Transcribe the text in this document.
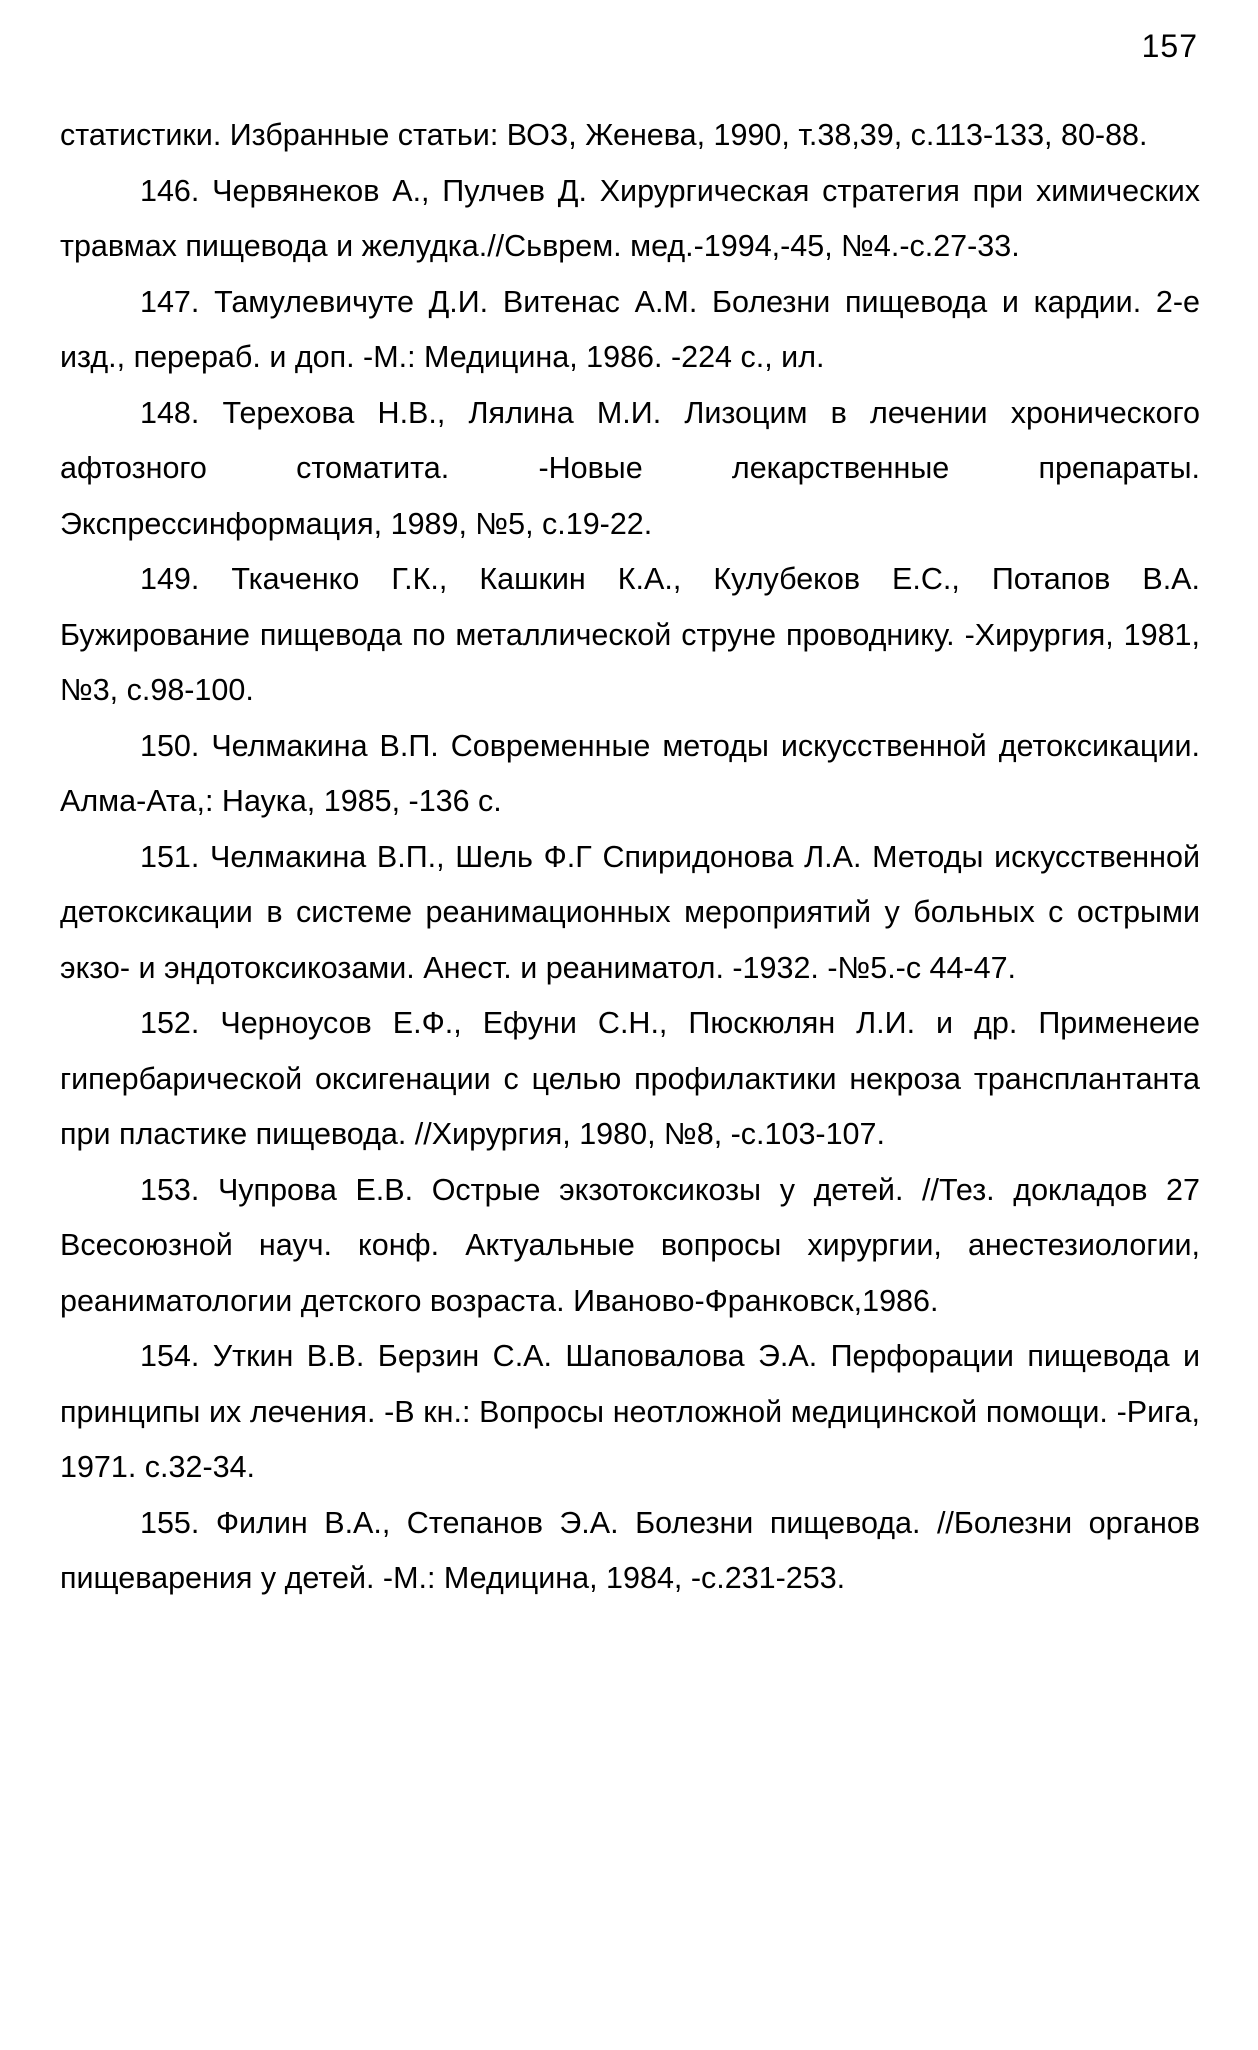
157

статистики. Избранные статьи: ВОЗ, Женева, 1990, т.38,39, с.113-133, 80-88.

146. Червянеков А., Пулчев Д. Хирургическая стратегия при химических травмах пищевода и желудка.//Сьврем. мед.-1994,-45, №4.-с.27-33.

147. Тамулевичуте Д.И. Витенас А.М. Болезни пищевода и кардии. 2-е изд., перераб. и доп. -М.: Медицина, 1986. -224 с., ил.

148. Терехова Н.В., Лялина М.И. Лизоцим в лечении хронического афтозного стоматита. -Новые лекарственные препараты. Экспрессинформация, 1989, №5, с.19-22.

149. Ткаченко Г.К., Кашкин К.А., Кулубеков Е.С., Потапов В.А. Бужирование пищевода по металлической струне проводнику. -Хирургия, 1981, №3, с.98-100.

150. Челмакина В.П. Современные методы искусственной детоксикации. Алма-Ата,: Наука, 1985, -136 с.

151. Челмакина В.П., Шель Ф.Г Спиридонова Л.А. Методы искусственной детоксикации в системе реанимационных мероприятий у больных с острыми экзо- и эндотоксикозами. Анест. и реаниматол. -1932. -№5.-с 44-47.

152. Черноусов Е.Ф., Ефуни С.Н., Пюскюлян Л.И. и др. Применеие гипербарической оксигенации с целью профилактики некроза трансплантанта при пластике пищевода. //Хирургия, 1980, №8, -с.103-107.

153. Чупрова Е.В. Острые экзотоксикозы у детей. //Тез. докладов 27 Всесоюзной науч. конф. Актуальные вопросы хирургии, анестезиологии, реаниматологии детского возраста. Иваново-Франковск,1986.

154. Уткин В.В. Берзин С.А. Шаповалова Э.А. Перфорации пищевода и принципы их лечения. -В кн.: Вопросы неотложной медицинской помощи. -Рига, 1971. с.32-34.

155. Филин В.А., Степанов Э.А. Болезни пищевода. //Болезни органов пищеварения у детей. -М.: Медицина, 1984, -с.231-253.
